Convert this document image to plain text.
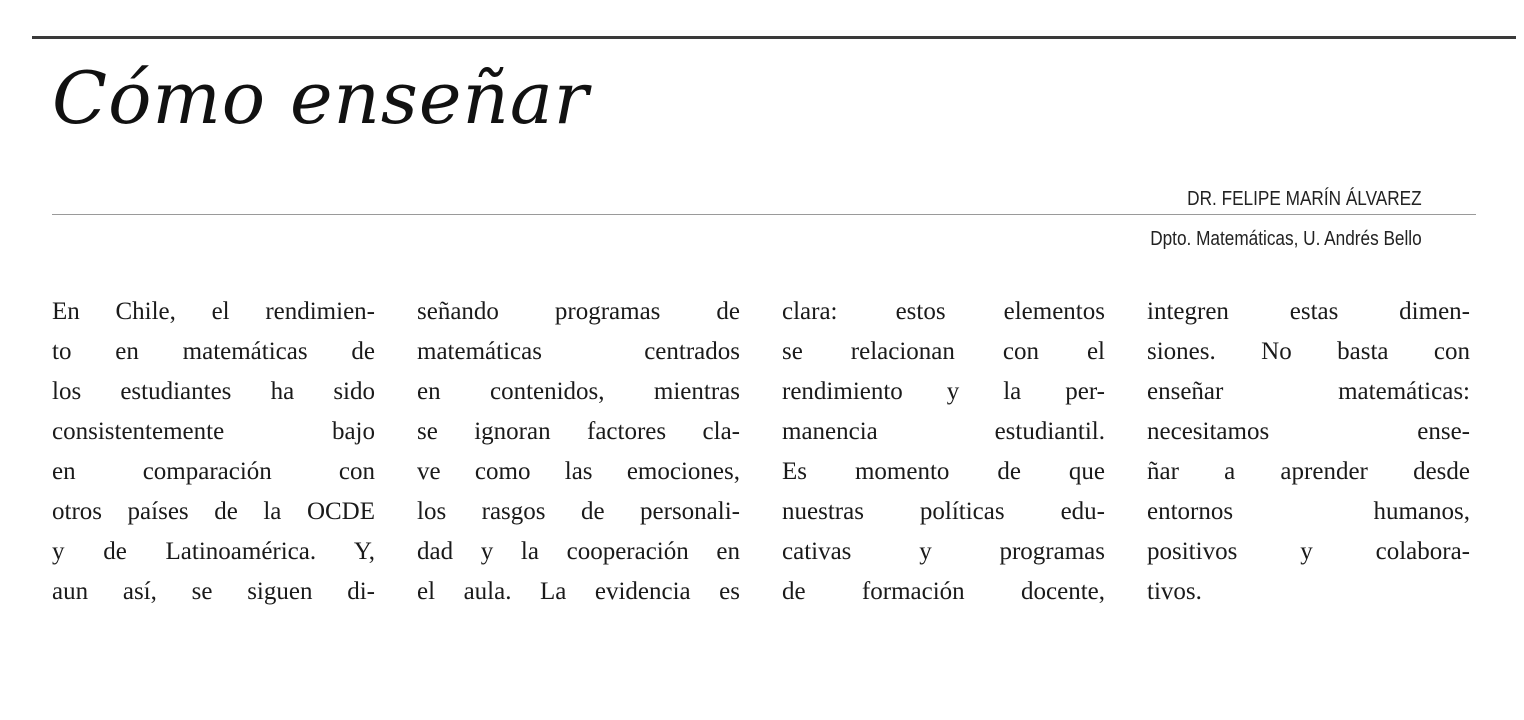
Cómo enseñar
DR. FELIPE MARÍN ÁLVAREZ
Dpto. Matemáticas, U. Andrés Bello
En Chile, el rendimien-
to en matemáticas de
los estudiantes ha sido
consistentemente bajo
en comparación con
otros países de la OCDE
y de Latinoamérica. Y,
aun así, se siguen di-
señando programas de
matemáticas centrados
en contenidos, mientras
se ignoran factores cla-
ve como las emociones,
los rasgos de personali-
dad y la cooperación en
el aula. La evidencia es
clara: estos elementos
se relacionan con el
rendimiento y la per-
manencia estudiantil.
Es momento de que
nuestras políticas edu-
cativas y programas
de formación docente,
integren estas dimen-
siones. No basta con
enseñar matemáticas:
necesitamos ense-
ñar a aprender desde
entornos humanos,
positivos y colabora-
tivos.
